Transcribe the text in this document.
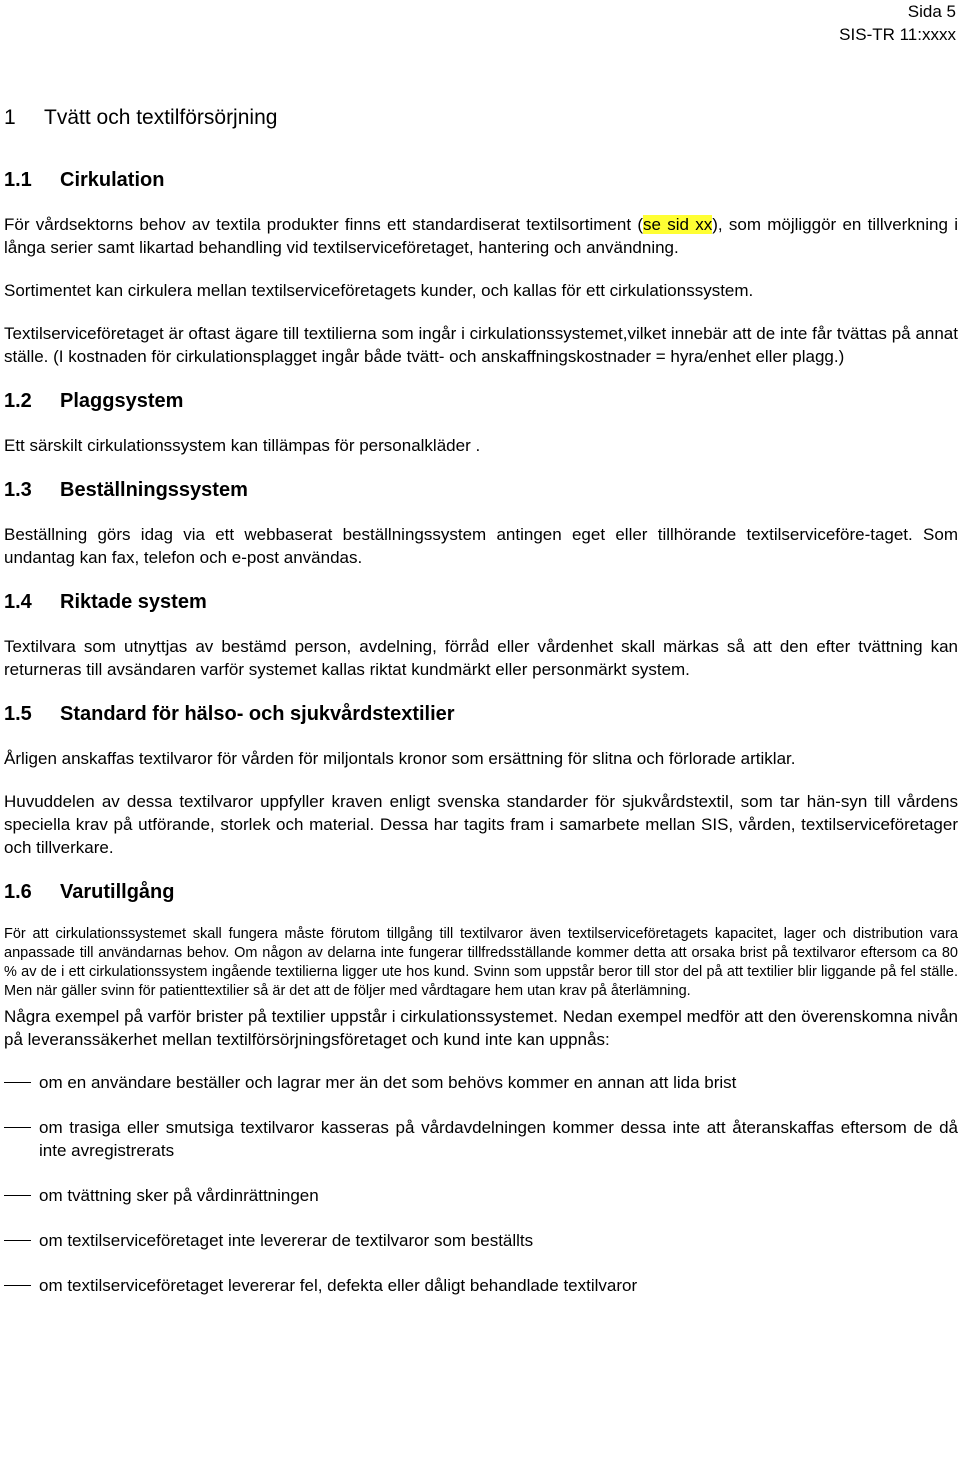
Sida 5
SIS-TR 11:xxxx
1 Tvätt och textilförsörjning
1.1 Cirkulation

För vårdsektorns behov av textila produkter finns ett standardiserat textilsortiment (se sid xx), som möjliggör en tillverkning i långa serier samt likartad behandling vid textilserviceföretaget, hantering och användning.

Sortimentet kan cirkulera mellan textilserviceföretagets kunder, och kallas för ett cirkulationssystem.

Textilserviceföretaget är oftast ägare till textilierna som ingår i cirkulationssystemet,vilket innebär att de inte får tvättas på annat ställe. (I kostnaden för cirkulationsplagget ingår både tvätt- och anskaffningskostnader = hyra/enhet eller plagg.)

1.2 Plaggsystem

Ett särskilt cirkulationssystem kan tillämpas för personalkläder .

1.3 Beställningssystem

Beställning görs idag via ett webbaserat beställningssystem antingen eget eller tillhörande textilserviceföre-taget. Som undantag kan fax, telefon och e-post användas.

1.4 Riktade system

Textilvara som utnyttjas av bestämd person, avdelning, förråd eller vårdenhet skall märkas så att den efter tvättning kan returneras till avsändaren varför systemet kallas riktat kundmärkt eller personmärkt system.

1.5 Standard för hälso- och sjukvårdstextilier

Årligen anskaffas textilvaror för vården för miljontals kronor som ersättning för slitna och förlorade artiklar.

Huvuddelen av dessa textilvaror uppfyller kraven enligt svenska standarder för sjukvårdstextil, som tar hän-syn till vårdens speciella krav på utförande, storlek och material. Dessa har tagits fram i samarbete mellan SIS, vården, textilserviceföretager och tillverkare.

1.6 Varutillgång

För att cirkulationssystemet skall fungera måste förutom tillgång till textilvaror även textilserviceföretagets kapacitet, lager och distribution vara anpassade till användarnas behov. Om någon av delarna inte fungerar tillfredsställande kommer detta att orsaka brist på textilvaror eftersom ca 80 % av de i ett cirkulationssystem ingående textilierna ligger ute hos kund. Svinn som uppstår beror till stor del på att textilier blir liggande på fel ställe. Men när gäller svinn för patienttextilier så är det att de följer med vårdtagare hem utan krav på återlämning.

Några exempel på varför brister på textilier uppstår i cirkulationssystemet. Nedan exempel medför att den överenskomna nivån på leveranssäkerhet mellan textilförsörjningsföretaget och kund inte kan uppnås:

om en användare beställer och lagrar mer än det som behövs kommer en annan att lida brist
om trasiga eller smutsiga textilvaror kasseras på vårdavdelningen kommer dessa inte att återanskaffas eftersom de då inte avregistrerats
om tvättning sker på vårdinrättningen
om textilserviceföretaget inte levererar de textilvaror som beställts
om textilserviceföretaget levererar fel, defekta eller dåligt behandlade textilvaror
